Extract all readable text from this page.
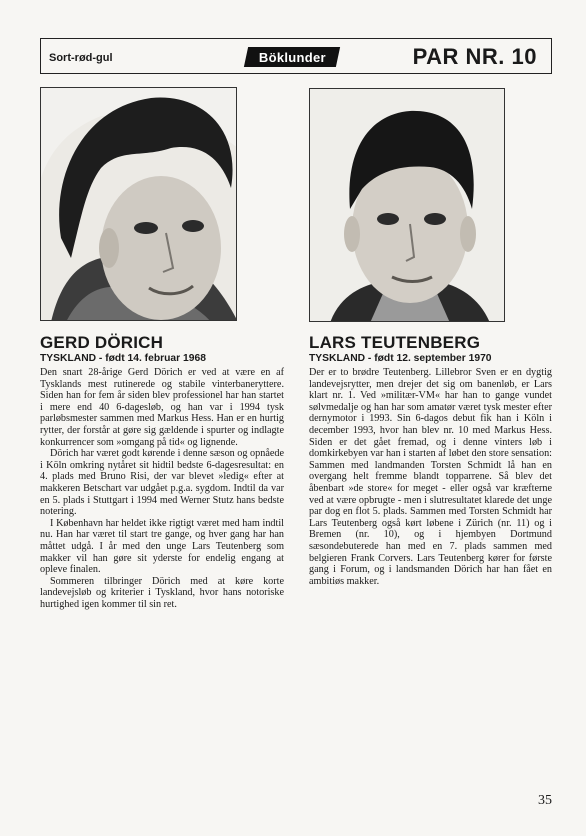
Sort-rød-gul	Böklunder	PAR NR. 10
GERD DÖRICH
TYSKLAND - født 14. februar 1968

Den snart 28-årige Gerd Dörich er ved at være en af Tysklands mest rutinerede og stabile vinterbaneryttere. Siden han for fem år siden blev professionel har han startet i mere end 40 6-dagesløb, og han var i 1994 tysk parløbsmester sammen med Markus Hess. Han er en hurtig rytter, der forstår at gøre sig gældende i spurter og indlagte konkurrencer som »omgang på tid« og lignende.

Dörich har været godt kørende i denne sæson og opnåede i Köln omkring nytåret sit hidtil bedste 6-dagesresultat: en 4. plads med Bruno Risi, der var blevet »ledig« efter at makkeren Betschart var udgået p.g.a. sygdom. Indtil da var en 5. plads i Stuttgart i 1994 med Werner Stutz hans bedste notering.

I København har heldet ikke rigtigt været med ham indtil nu. Han har været til start tre gange, og hver gang har han måttet udgå. I år med den unge Lars Teutenberg som makker vil han gøre sit yderste for endelig engang at opleve finalen.

Sommeren tilbringer Dörich med at køre korte landevejsløb og kriterier i Tyskland, hvor hans notoriske hurtighed igen kommer til sin ret.

LARS TEUTENBERG
TYSKLAND - født 12. september 1970

Der er to brødre Teutenberg. Lillebror Sven er en dygtig landevejsrytter, men drejer det sig om banenløb, er Lars klart nr. 1. Ved »militær-VM« har han to gange vundet sølvmedalje og han har som amatør været tysk mester efter dernymotor i 1993. Sin 6-dagos debut fik han i Köln i december 1993, hvor han blev nr. 10 med Markus Hess. Siden er det gået fremad, og i denne vinters løb i domkirkebyen var han i starten af løbet den store sensation: Sammen med landmanden Torsten Schmidt lå han en overgang helt fremme blandt topparrene. Så blev det åbenbart »de store« for meget - eller også var kræfterne ved at være opbrugte - men i slutresultatet klarede det unge par dog en flot 5. plads. Sammen med Torsten Schmidt har Lars Teutenberg også kørt løbene i Zürich (nr. 11) og i Bremen (nr. 10), og i hjembyen Dortmund sæsondebuterede han med en 7. plads sammen med belgieren Frank Corvers. Lars Teutenberg kører for første gang i Forum, og i landsmanden Dörich har han fået en ambitiøs makker.

35
